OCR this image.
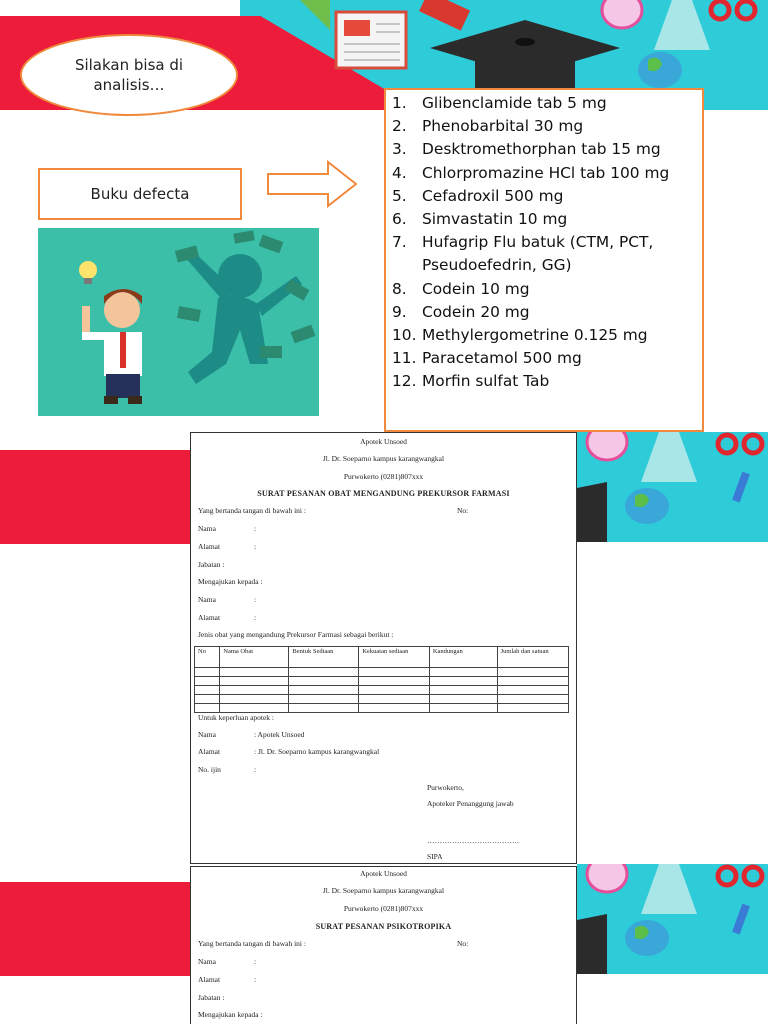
Silakan bisa di analisis…
Buku defecta
1. Glibenclamide tab 5 mg
2. Phenobarbital 30 mg
3. Desktromethorphan tab 15 mg
4. Chlorpromazine HCl tab 100 mg
5. Cefadroxil 500 mg
6. Simvastatin 10 mg
7. Hufagrip Flu batuk (CTM, PCT,
Pseudoefedrin, GG)
8. Codein 10 mg
9. Codein 20 mg
10. Methylergometrine 0.125 mg
11. Paracetamol 500 mg
12. Morfin sulfat Tab
Apotek Unsoed
Jl. Dr. Soeparno kampus karangwangkal
Purwokerto (0281)807xxx
SURAT PESANAN OBAT MENGANDUNG PREKURSOR FARMASI
Yang bertanda tangan di bawah ini :	No:
Nama	:
Alamat	:
Jabatan :
Mengajukan kepada :
Nama	:
Alamat	:
Jenis obat yang mengandung Prekursor Farmasi sebagai berikut :
No	Nama Obat	Bentuk Sediaan	Kekuatan sediaan	Kandungan	Jumlah dan satuan

Untuk keperluan apotek :
Nama	: Apotek Unsoed
Alamat	: Jl. Dr. Soeparno kampus karangwangkal
No. ijin	:
Purwokerto,
Apoteker Penanggung jawab
……………………………….
SIPA
Apotek Unsoed
Jl. Dr. Soeparno kampus karangwangkal
Purwokerto (0281)807xxx
SURAT PESANAN PSIKOTROPIKA
Yang bertanda tangan di bawah ini :	No:
Nama	:
Alamat	:
Jabatan :
Mengajukan kepada :
